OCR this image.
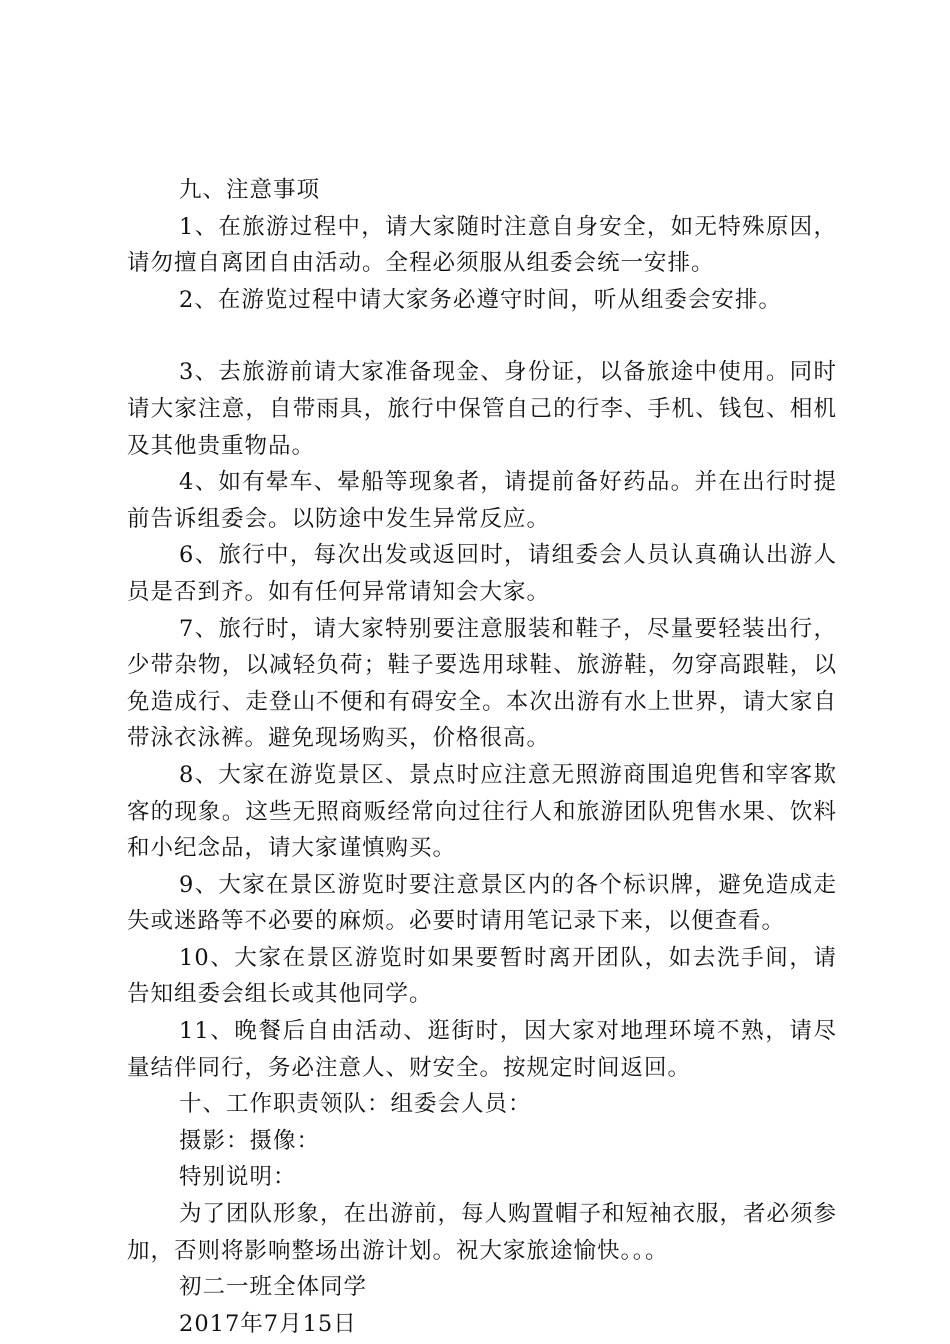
九、注意事项

1、在旅游过程中，请大家随时注意自身安全，如无特殊原因，请勿擅自离团自由活动。全程必须服从组委会统一安排。

2、在游览过程中请大家务必遵守时间，听从组委会安排。

3、去旅游前请大家准备现金、身份证，以备旅途中使用。同时请大家注意，自带雨具，旅行中保管自己的行李、手机、钱包、相机及其他贵重物品。

4、如有晕车、晕船等现象者，请提前备好药品。并在出行时提前告诉组委会。以防途中发生异常反应。

6、旅行中，每次出发或返回时，请组委会人员认真确认出游人员是否到齐。如有任何异常请知会大家。

7、旅行时，请大家特别要注意服装和鞋子，尽量要轻装出行，少带杂物，以减轻负荷；鞋子要选用球鞋、旅游鞋，勿穿高跟鞋，以免造成行、走登山不便和有碍安全。本次出游有水上世界，请大家自带泳衣泳裤。避免现场购买，价格很高。

8、大家在游览景区、景点时应注意无照游商围追兜售和宰客欺客的现象。这些无照商贩经常向过往行人和旅游团队兜售水果、饮料和小纪念品，请大家谨慎购买。

9、大家在景区游览时要注意景区内的各个标识牌，避免造成走失或迷路等不必要的麻烦。必要时请用笔记录下来，以便查看。

10、大家在景区游览时如果要暂时离开团队，如去洗手间，请告知组委会组长或其他同学。

11、晚餐后自由活动、逛街时，因大家对地理环境不熟，请尽量结伴同行，务必注意人、财安全。按规定时间返回。

十、工作职责领队：组委会人员：

摄影：摄像：

特别说明：

为了团队形象，在出游前，每人购置帽子和短袖衣服，者必须参加，否则将影响整场出游计划。祝大家旅途愉快。。。

初二一班全体同学

2017年7月15日
